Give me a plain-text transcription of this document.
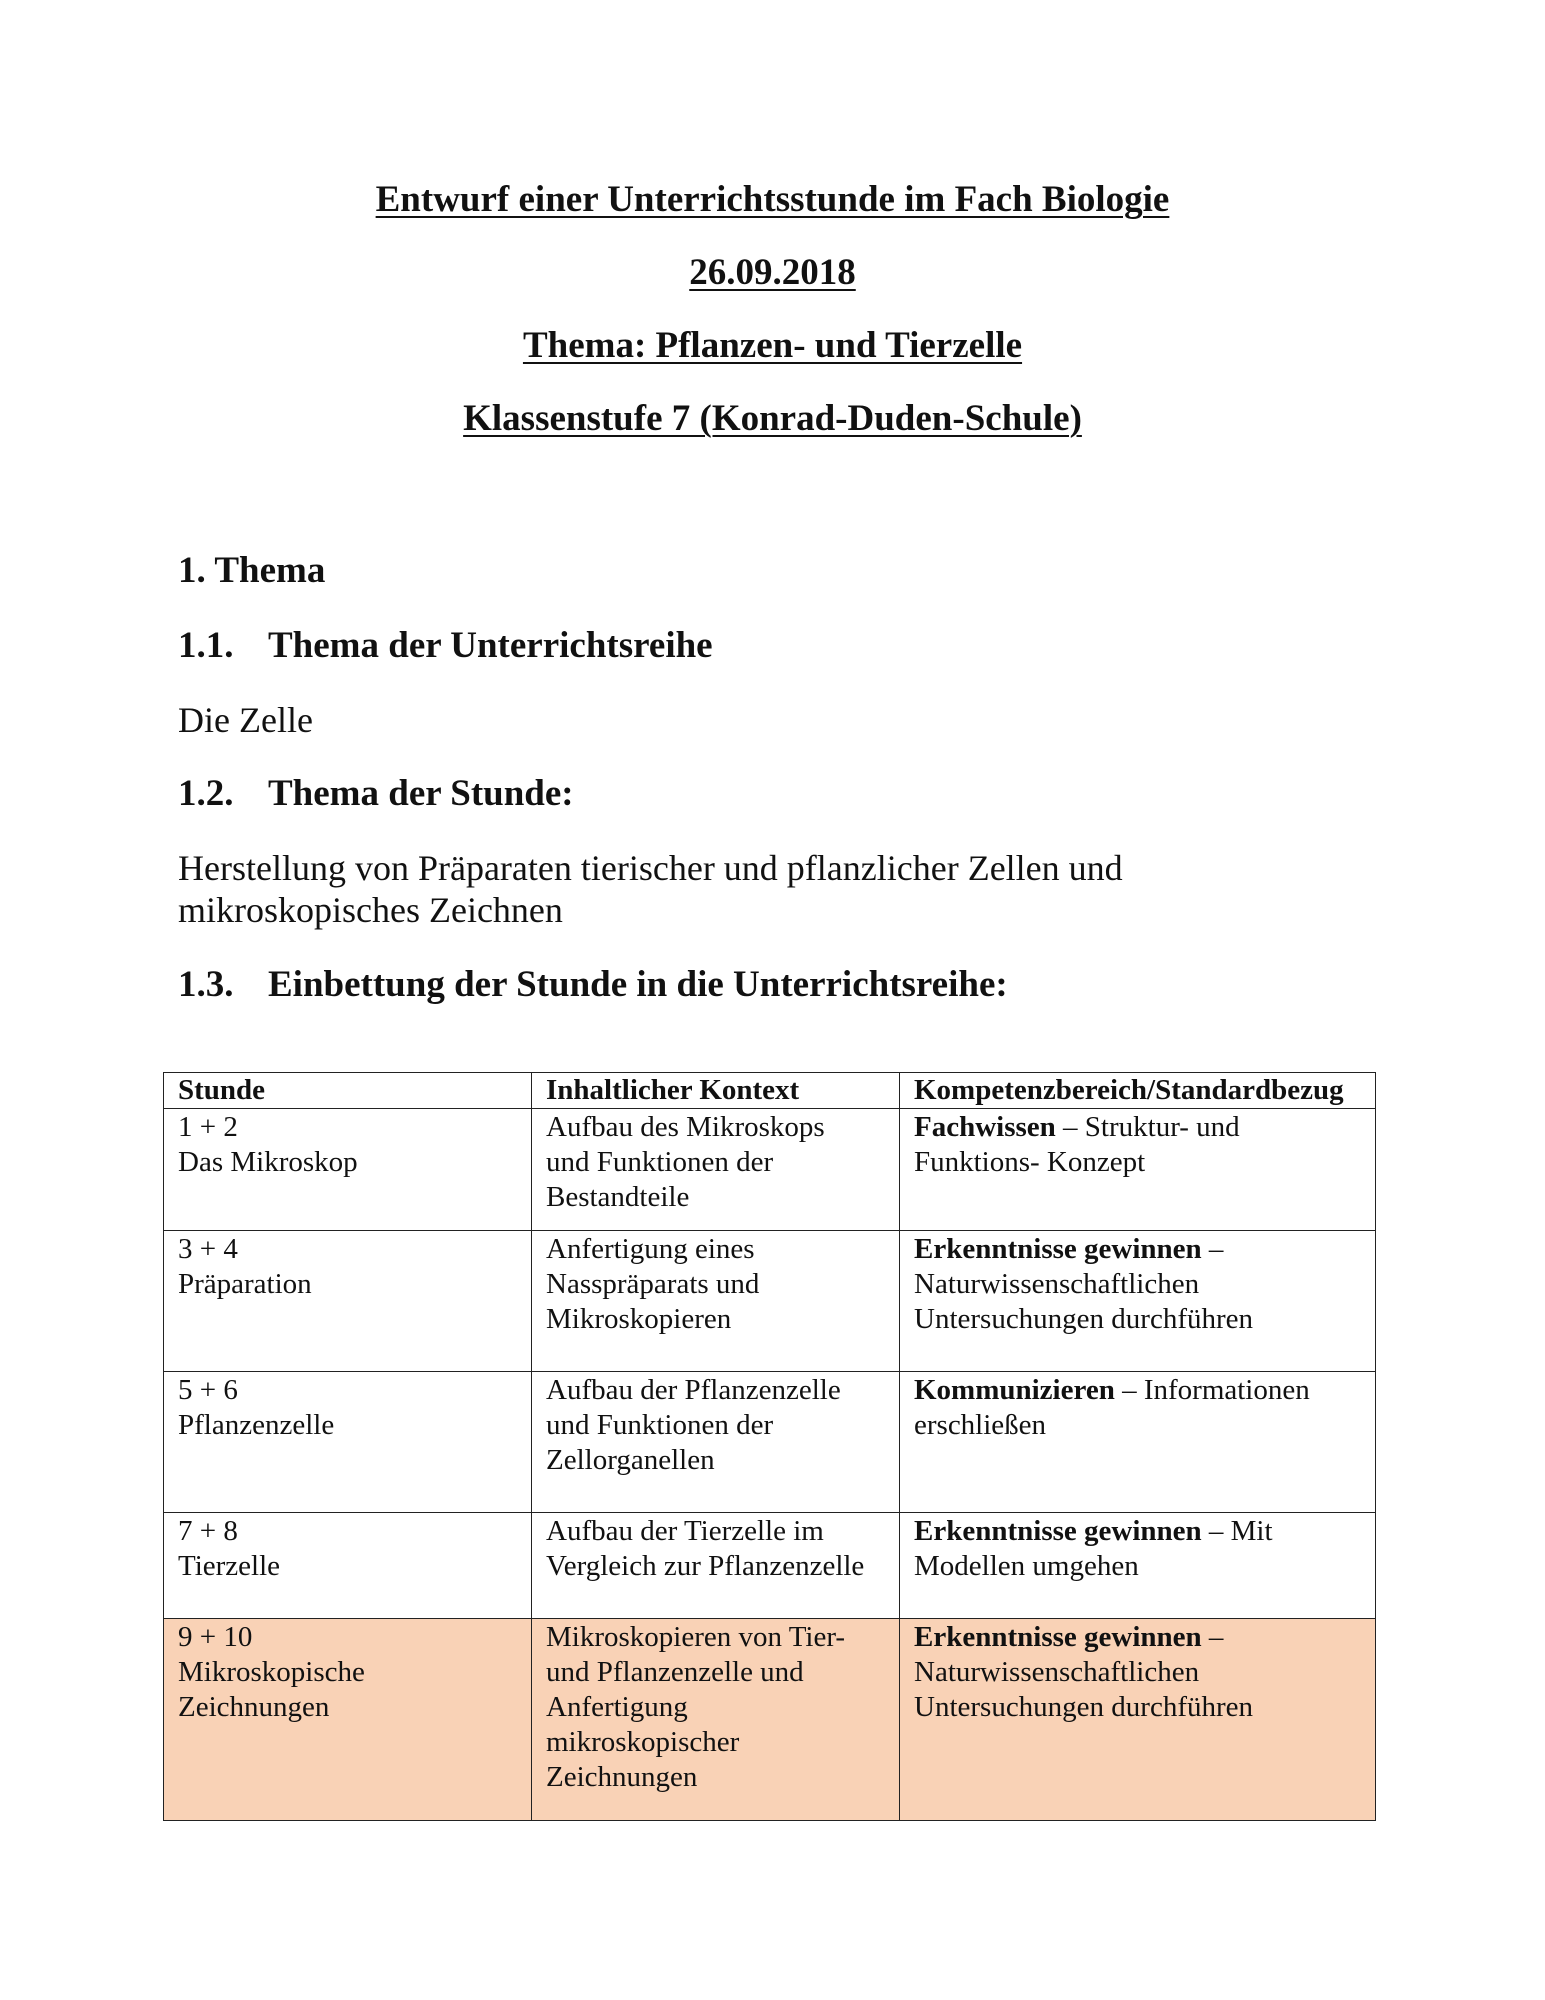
Entwurf einer Unterrichtsstunde im Fach Biologie
26.09.2018
Thema: Pflanzen- und Tierzelle
Klassenstufe 7 (Konrad-Duden-Schule)
1. Thema
1.1. Thema der Unterrichtsreihe
Die Zelle
1.2. Thema der Stunde:
Herstellung von Präparaten tierischer und pflanzlicher Zellen und
mikroskopisches Zeichnen
1.3. Einbettung der Stunde in die Unterrichtsreihe:
Stunde	Inhaltlicher Kontext	Kompetenzbereich/Standardbezug

1 + 2
Das Mikroskop	Aufbau des Mikroskops
und Funktionen der
Bestandteile	Fachwissen – Struktur- und
Funktions- Konzept

3 + 4
Präparation	Anfertigung eines
Nasspräparats und
Mikroskopieren	Erkenntnisse gewinnen –
Naturwissenschaftlichen
Untersuchungen durchführen

5 + 6
Pflanzenzelle	Aufbau der Pflanzenzelle
und Funktionen der
Zellorganellen	Kommunizieren – Informationen
erschließen

7 + 8
Tierzelle	Aufbau der Tierzelle im
Vergleich zur Pflanzenzelle	Erkenntnisse gewinnen – Mit
Modellen umgehen

9 + 10
Mikroskopische
Zeichnungen	Mikroskopieren von Tier-
und Pflanzenzelle und
Anfertigung
mikroskopischer
Zeichnungen	Erkenntnisse gewinnen –
Naturwissenschaftlichen
Untersuchungen durchführen
